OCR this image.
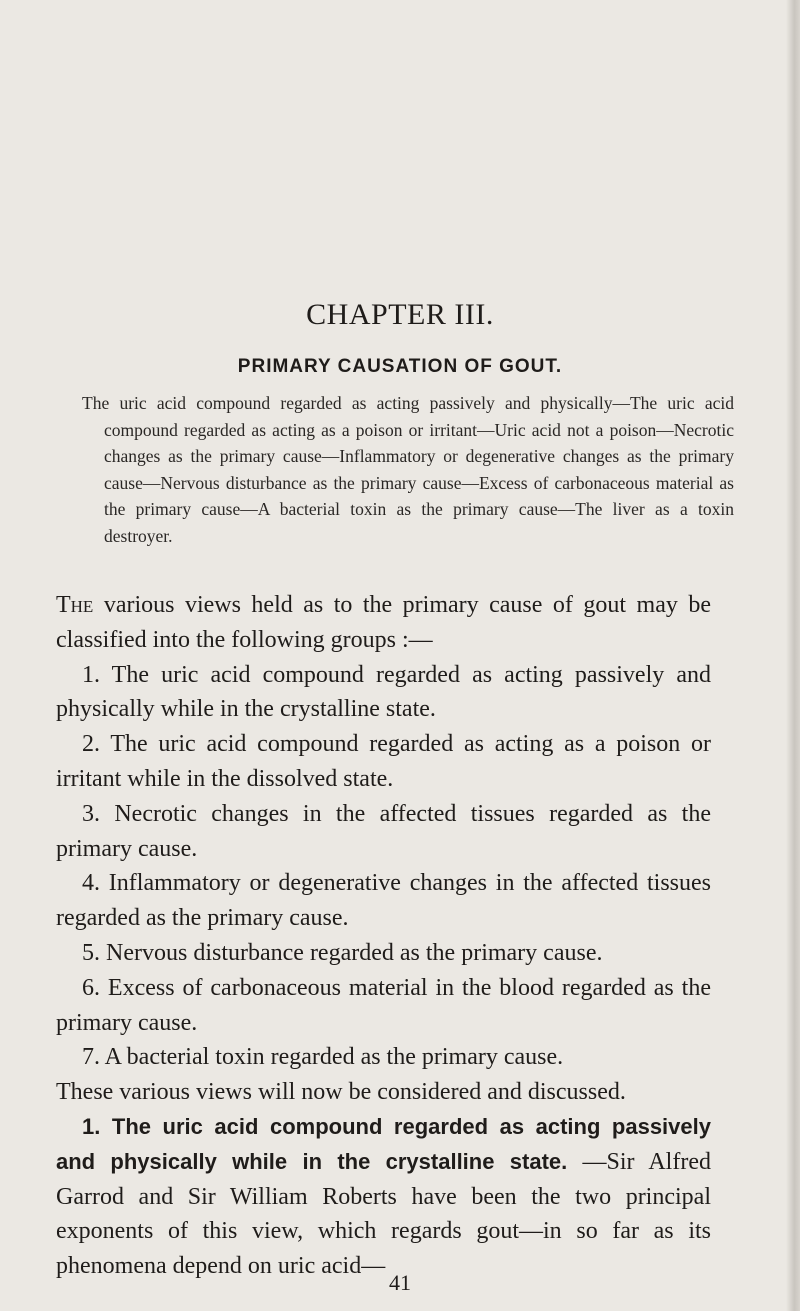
CHAPTER III.
PRIMARY CAUSATION OF GOUT.
The uric acid compound regarded as acting passively and physically—The uric acid compound regarded as acting as a poison or irritant—Uric acid not a poison—Necrotic changes as the primary cause—Inflammatory or degenerative changes as the primary cause—Nervous disturbance as the primary cause—Excess of carbonaceous material as the primary cause—A bacterial toxin as the primary cause—The liver as a toxin destroyer.

The various views held as to the primary cause of gout may be classified into the following groups :—

1. The uric acid compound regarded as acting passively and physically while in the crystalline state.

2. The uric acid compound regarded as acting as a poison or irritant while in the dissolved state.

3. Necrotic changes in the affected tissues regarded as the primary cause.

4. Inflammatory or degenerative changes in the affected tissues regarded as the primary cause.

5. Nervous disturbance regarded as the primary cause.

6. Excess of carbonaceous material in the blood regarded as the primary cause.

7. A bacterial toxin regarded as the primary cause.

These various views will now be considered and discussed.

1. The uric acid compound regarded as acting passively and physically while in the crystalline state. —Sir Alfred Garrod and Sir William Roberts have been the two principal exponents of this view, which regards gout—in so far as its phenomena depend on uric acid—

41
